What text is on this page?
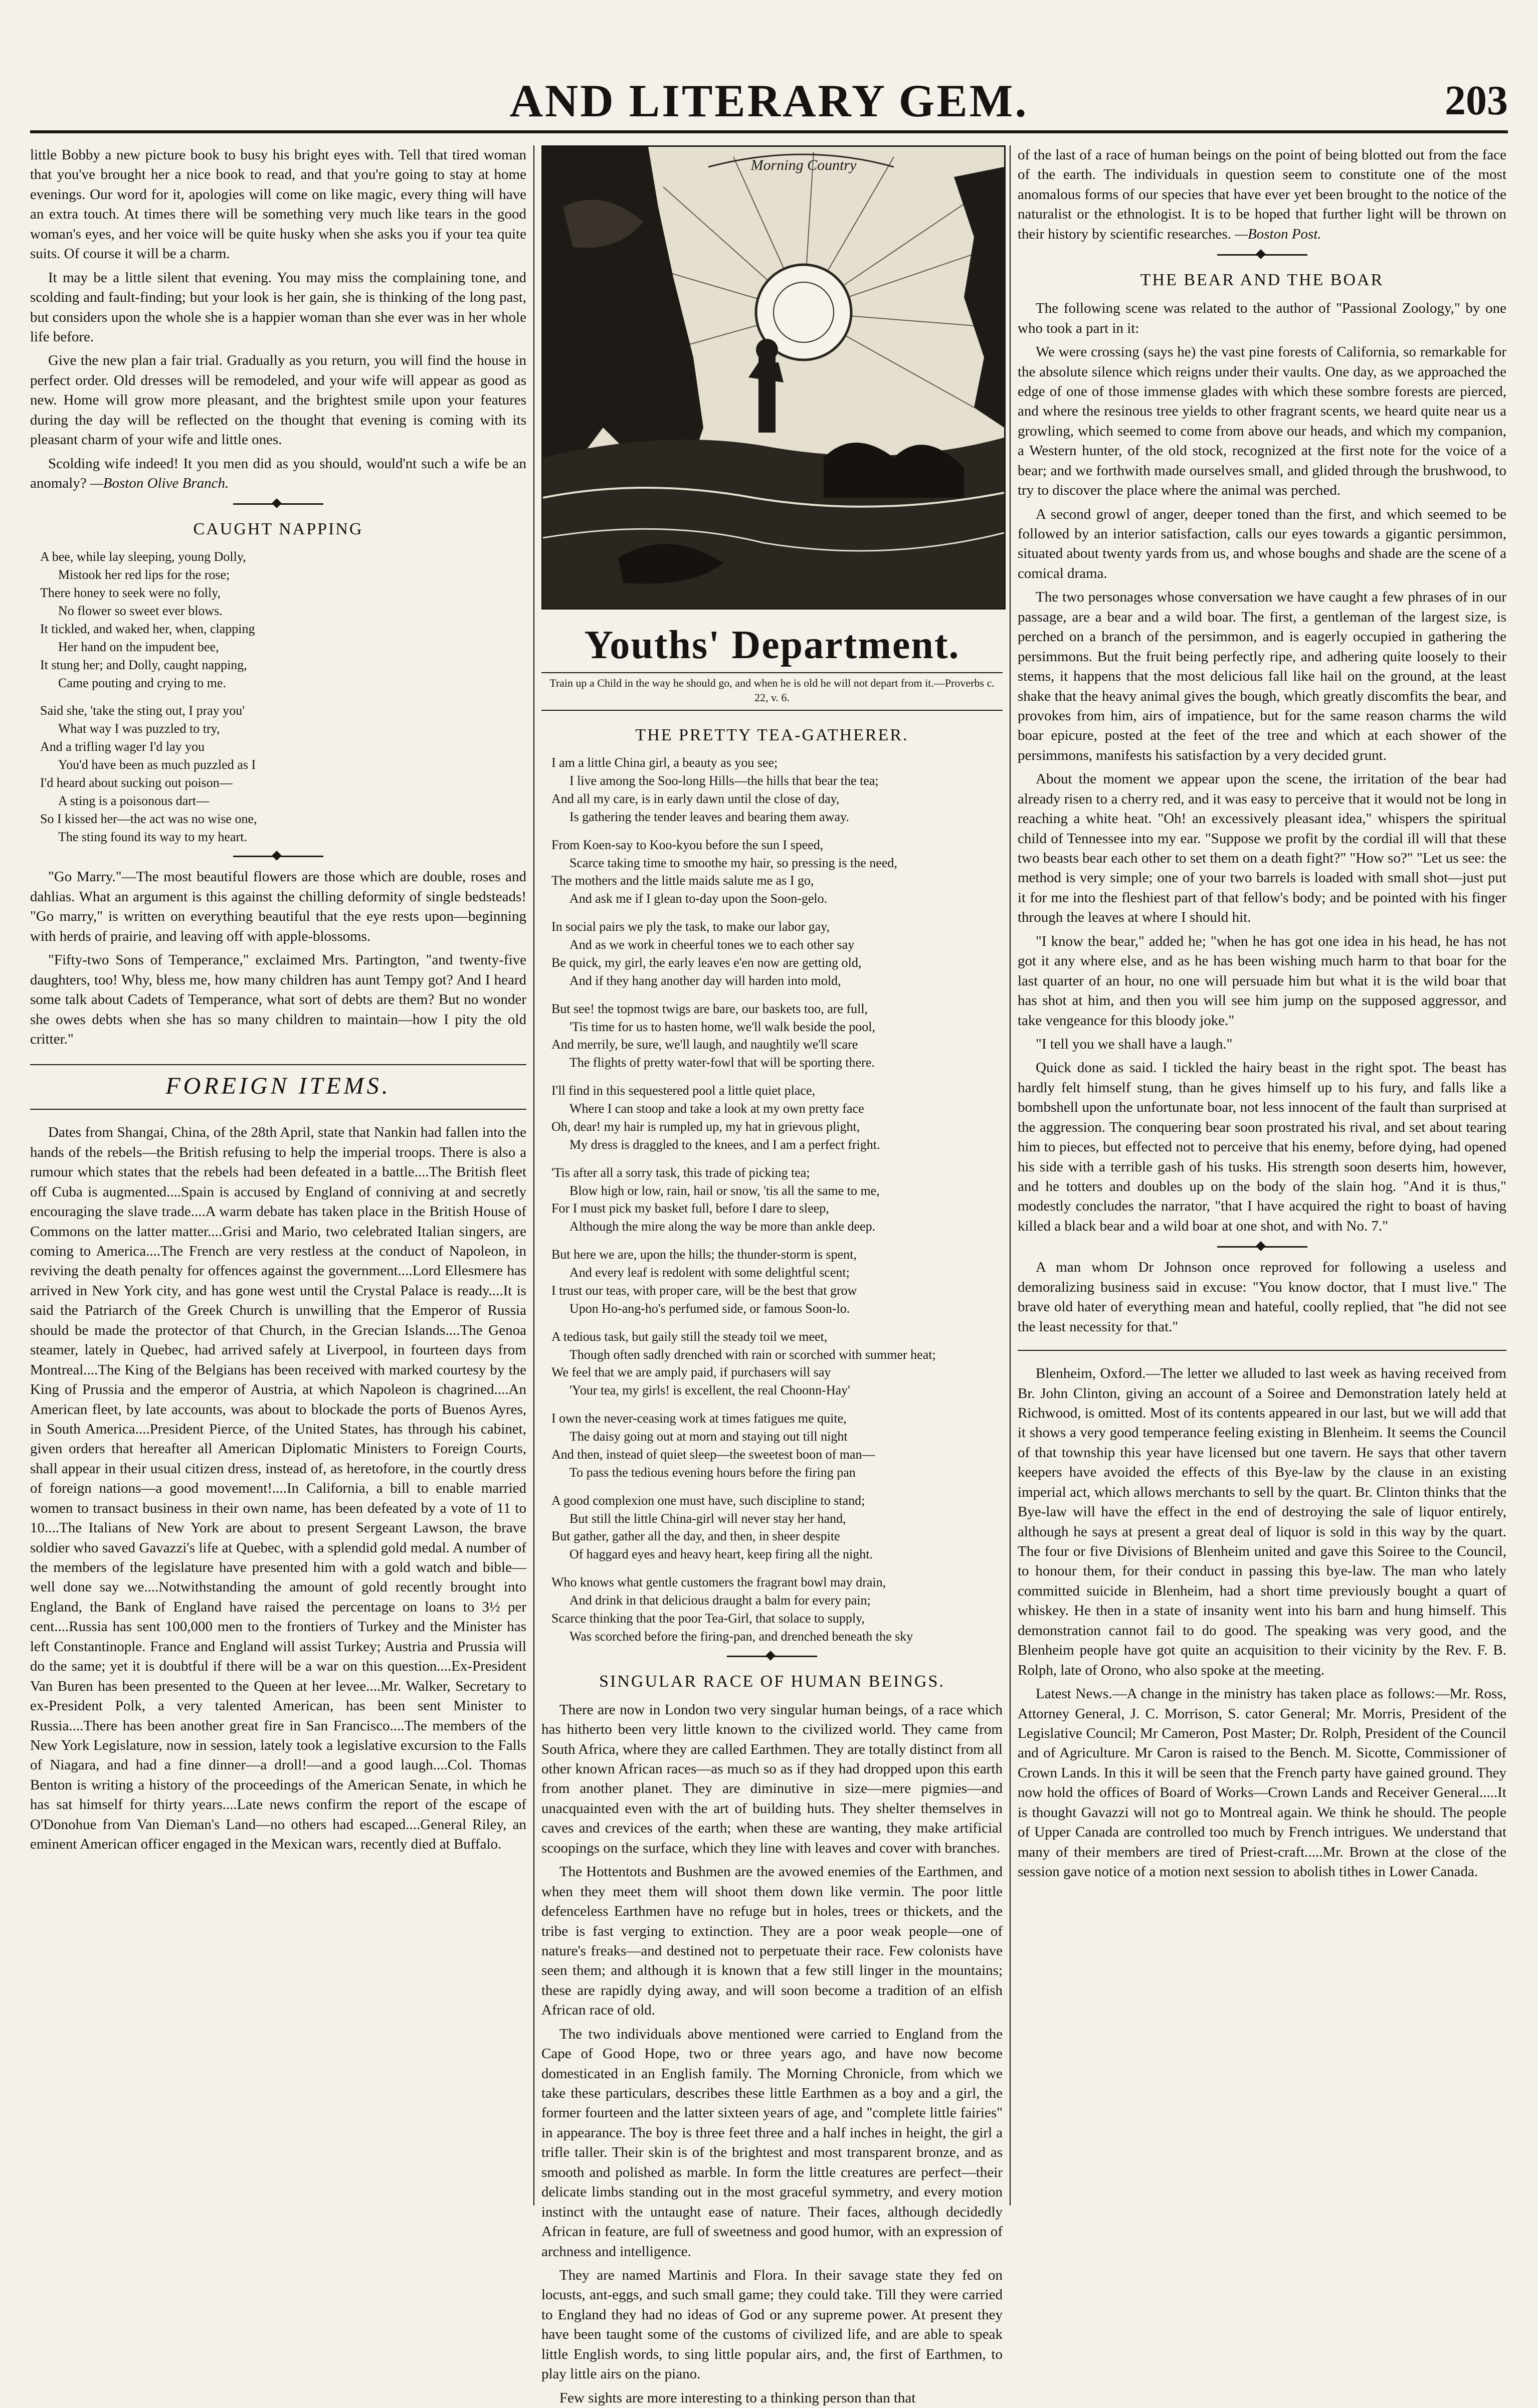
AND LITERARY GEM.	203

little Bobby a new picture book to busy his bright eyes with. Tell that tired woman that you've brought her a nice book to read, and that you're going to stay at home evenings. Our word for it, apologies will come on like magic, every thing will have an extra touch. At times there will be something very much like tears in the good woman's eyes, and her voice will be quite husky when she asks you if your tea quite suits. Of course it will be a charm.

It may be a little silent that evening. You may miss the complaining tone, and scolding and fault-finding; but your look is her gain, she is thinking of the long past, but considers upon the whole she is a happier woman than she ever was in her whole life before.

Give the new plan a fair trial. Gradually as you return, you will find the house in perfect order. Old dresses will be remodeled, and your wife will appear as good as new. Home will grow more pleasant, and the brightest smile upon your features during the day will be reflected on the thought that evening is coming with its pleasant charm of your wife and little ones.

Scolding wife indeed! It you men did as you should, would'nt such a wife be an anomaly? —Boston Olive Branch.

CAUGHT NAPPING

A bee, while lay sleeping, young Dolly,
Mistook her red lips for the rose;
There honey to seek were no folly,
No flower so sweet ever blows.
It tickled, and waked her, when, clapping
Her hand on the impudent bee,
It stung her; and Dolly, caught napping,
Came pouting and crying to me.

Said she, 'take the sting out, I pray you'
What way I was puzzled to try,
And a trifling wager I'd lay you
You'd have been as much puzzled as I
I'd heard about sucking out poison—
A sting is a poisonous dart—
So I kissed her—the act was no wise one,
The sting found its way to my heart.

"Go Marry."—The most beautiful flowers are those which are double, roses and dahlias. What an argument is this against the chilling deformity of single bedsteads! "Go marry," is written on everything beautiful that the eye rests upon—beginning with herds of prairie, and leaving off with apple-blossoms.

"Fifty-two Sons of Temperance," exclaimed Mrs. Partington, "and twenty-five daughters, too! Why, bless me, how many children has aunt Tempy got? And I heard some talk about Cadets of Temperance, what sort of debts are them? But no wonder she owes debts when she has so many children to maintain—how I pity the old critter."

FOREIGN ITEMS.

Dates from Shangai, China, of the 28th April, state that Nankin had fallen into the hands of the rebels—the British refusing to help the imperial troops. There is also a rumour which states that the rebels had been defeated in a battle....The British fleet off Cuba is augmented....Spain is accused by England of conniving at and secretly encouraging the slave trade....A warm debate has taken place in the British House of Commons on the latter matter....Grisi and Mario, two celebrated Italian singers, are coming to America....The French are very restless at the conduct of Napoleon, in reviving the death penalty for offences against the government....Lord Ellesmere has arrived in New York city, and has gone west until the Crystal Palace is ready....It is said the Patriarch of the Greek Church is unwilling that the Emperor of Russia should be made the protector of that Church, in the Grecian Islands....The Genoa steamer, lately in Quebec, had arrived safely at Liverpool, in fourteen days from Montreal....The King of the Belgians has been received with marked courtesy by the King of Prussia and the emperor of Austria, at which Napoleon is chagrined....An American fleet, by late accounts, was about to blockade the ports of Buenos Ayres, in South America....President Pierce, of the United States, has through his cabinet, given orders that hereafter all American Diplomatic Ministers to Foreign Courts, shall appear in their usual citizen dress, instead of, as heretofore, in the courtly dress of foreign nations—a good movement!....In California, a bill to enable married women to transact business in their own name, has been defeated by a vote of 11 to 10....The Italians of New York are about to present Sergeant Lawson, the brave soldier who saved Gavazzi's life at Quebec, with a splendid gold medal. A number of the members of the legislature have presented him with a gold watch and bible—well done say we....Notwithstanding the amount of gold recently brought into England, the Bank of England have raised the percentage on loans to 3½ per cent....Russia has sent 100,000 men to the frontiers of Turkey and the Minister has left Constantinople. France and England will assist Turkey; Austria and Prussia will do the same; yet it is doubtful if there will be a war on this question....Ex-President Van Buren has been presented to the Queen at her levee....Mr. Walker, Secretary to ex-President Polk, a very talented American, has been sent Minister to Russia....There has been another great fire in San Francisco....The members of the New York Legislature, now in session, lately took a legislative excursion to the Falls of Niagara, and had a fine dinner—a droll!—and a good laugh....Col. Thomas Benton is writing a history of the proceedings of the American Senate, in which he has sat himself for thirty years....Late news confirm the report of the escape of O'Donohue from Van Dieman's Land—no others had escaped....General Riley, an eminent American officer engaged in the Mexican wars, recently died at Buffalo.

Morning Country
Youths' Department.

Train up a Child in the way he should go, and when he is old he will not depart from it.—Proverbs c. 22, v. 6.

THE PRETTY TEA-GATHERER.

I am a little China girl, a beauty as you see;
I live among the Soo-long Hills—the hills that bear the tea;
And all my care, is in early dawn until the close of day,
Is gathering the tender leaves and bearing them away.

From Koen-say to Koo-kyou before the sun I speed,
Scarce taking time to smoothe my hair, so pressing is the need,
The mothers and the little maids salute me as I go,
And ask me if I glean to-day upon the Soon-gelo.

In social pairs we ply the task, to make our labor gay,
And as we work in cheerful tones we to each other say
Be quick, my girl, the early leaves e'en now are getting old,
And if they hang another day will harden into mold,

But see! the topmost twigs are bare, our baskets too, are full,
'Tis time for us to hasten home, we'll walk beside the pool,
And merrily, be sure, we'll laugh, and naughtily we'll scare
The flights of pretty water-fowl that will be sporting there.

I'll find in this sequestered pool a little quiet place,
Where I can stoop and take a look at my own pretty face
Oh, dear! my hair is rumpled up, my hat in grievous plight,
My dress is draggled to the knees, and I am a perfect fright.

'Tis after all a sorry task, this trade of picking tea;
Blow high or low, rain, hail or snow, 'tis all the same to me,
For I must pick my basket full, before I dare to sleep,
Although the mire along the way be more than ankle deep.

But here we are, upon the hills; the thunder-storm is spent,
And every leaf is redolent with some delightful scent;
I trust our teas, with proper care, will be the best that grow
Upon Ho-ang-ho's perfumed side, or famous Soon-lo.

A tedious task, but gaily still the steady toil we meet,
Though often sadly drenched with rain or scorched with summer heat;
We feel that we are amply paid, if purchasers will say
'Your tea, my girls! is excellent, the real Choonn-Hay'

I own the never-ceasing work at times fatigues me quite,
The daisy going out at morn and staying out till night
And then, instead of quiet sleep—the sweetest boon of man—
To pass the tedious evening hours before the firing pan

A good complexion one must have, such discipline to stand;
But still the little China-girl will never stay her hand,
But gather, gather all the day, and then, in sheer despite
Of haggard eyes and heavy heart, keep firing all the night.

Who knows what gentle customers the fragrant bowl may drain,
And drink in that delicious draught a balm for every pain;
Scarce thinking that the poor Tea-Girl, that solace to supply,
Was scorched before the firing-pan, and drenched beneath the sky

SINGULAR RACE OF HUMAN BEINGS.

There are now in London two very singular human beings, of a race which has hitherto been very little known to the civilized world. They came from South Africa, where they are called Earthmen. They are totally distinct from all other known African races—as much so as if they had dropped upon this earth from another planet. They are diminutive in size—mere pigmies—and unacquainted even with the art of building huts. They shelter themselves in caves and crevices of the earth; when these are wanting, they make artificial scoopings on the surface, which they line with leaves and cover with branches.

The Hottentots and Bushmen are the avowed enemies of the Earthmen, and when they meet them will shoot them down like vermin. The poor little defenceless Earthmen have no refuge but in holes, trees or thickets, and the tribe is fast verging to extinction. They are a poor weak people—one of nature's freaks—and destined not to perpetuate their race. Few colonists have seen them; and although it is known that a few still linger in the mountains; these are rapidly dying away, and will soon become a tradition of an elfish African race of old.

The two individuals above mentioned were carried to England from the Cape of Good Hope, two or three years ago, and have now become domesticated in an English family. The Morning Chronicle, from which we take these particulars, describes these little Earthmen as a boy and a girl, the former fourteen and the latter sixteen years of age, and "complete little fairies" in appearance. The boy is three feet three and a half inches in height, the girl a trifle taller. Their skin is of the brightest and most transparent bronze, and as smooth and polished as marble. In form the little creatures are perfect—their delicate limbs standing out in the most graceful symmetry, and every motion instinct with the untaught ease of nature. Their faces, although decidedly African in feature, are full of sweetness and good humor, with an expression of archness and intelligence.

They are named Martinis and Flora. In their savage state they fed on locusts, ant-eggs, and such small game; they could take. Till they were carried to England they had no ideas of God or any supreme power. At present they have been taught some of the customs of civilized life, and are able to speak little English words, to sing little popular airs, and, the first of Earthmen, to play little airs on the piano.

Few sights are more interesting to a thinking person than that

of the last of a race of human beings on the point of being blotted out from the face of the earth. The individuals in question seem to constitute one of the most anomalous forms of our species that have ever yet been brought to the notice of the naturalist or the ethnologist. It is to be hoped that further light will be thrown on their history by scientific researches. —Boston Post.

THE BEAR AND THE BOAR

The following scene was related to the author of "Passional Zoology," by one who took a part in it:

We were crossing (says he) the vast pine forests of California, so remarkable for the absolute silence which reigns under their vaults. One day, as we approached the edge of one of those immense glades with which these sombre forests are pierced, and where the resinous tree yields to other fragrant scents, we heard quite near us a growling, which seemed to come from above our heads, and which my companion, a Western hunter, of the old stock, recognized at the first note for the voice of a bear; and we forthwith made ourselves small, and glided through the brushwood, to try to discover the place where the animal was perched.

A second growl of anger, deeper toned than the first, and which seemed to be followed by an interior satisfaction, calls our eyes towards a gigantic persimmon, situated about twenty yards from us, and whose boughs and shade are the scene of a comical drama.

The two personages whose conversation we have caught a few phrases of in our passage, are a bear and a wild boar. The first, a gentleman of the largest size, is perched on a branch of the persimmon, and is eagerly occupied in gathering the persimmons. But the fruit being perfectly ripe, and adhering quite loosely to their stems, it happens that the most delicious fall like hail on the ground, at the least shake that the heavy animal gives the bough, which greatly discomfits the bear, and provokes from him, airs of impatience, but for the same reason charms the wild boar epicure, posted at the feet of the tree and which at each shower of the persimmons, manifests his satisfaction by a very decided grunt.

About the moment we appear upon the scene, the irritation of the bear had already risen to a cherry red, and it was easy to perceive that it would not be long in reaching a white heat. "Oh! an excessively pleasant idea," whispers the spiritual child of Tennessee into my ear. "Suppose we profit by the cordial ill will that these two beasts bear each other to set them on a death fight?" "How so?" "Let us see: the method is very simple; one of your two barrels is loaded with small shot—just put it for me into the fleshiest part of that fellow's body; and be pointed with his finger through the leaves at where I should hit.

"I know the bear," added he; "when he has got one idea in his head, he has not got it any where else, and as he has been wishing much harm to that boar for the last quarter of an hour, no one will persuade him but what it is the wild boar that has shot at him, and then you will see him jump on the supposed aggressor, and take vengeance for this bloody joke."

"I tell you we shall have a laugh."

Quick done as said. I tickled the hairy beast in the right spot. The beast has hardly felt himself stung, than he gives himself up to his fury, and falls like a bombshell upon the unfortunate boar, not less innocent of the fault than surprised at the aggression. The conquering bear soon prostrated his rival, and set about tearing him to pieces, but effected not to perceive that his enemy, before dying, had opened his side with a terrible gash of his tusks. His strength soon deserts him, however, and he totters and doubles up on the body of the slain hog. "And it is thus," modestly concludes the narrator, "that I have acquired the right to boast of having killed a black bear and a wild boar at one shot, and with No. 7."

A man whom Dr Johnson once reproved for following a useless and demoralizing business said in excuse: "You know doctor, that I must live." The brave old hater of everything mean and hateful, coolly replied, that "he did not see the least necessity for that."

Blenheim, Oxford.—The letter we alluded to last week as having received from Br. John Clinton, giving an account of a Soiree and Demonstration lately held at Richwood, is omitted. Most of its contents appeared in our last, but we will add that it shows a very good temperance feeling existing in Blenheim. It seems the Council of that township this year have licensed but one tavern. He says that other tavern keepers have avoided the effects of this Bye-law by the clause in an existing imperial act, which allows merchants to sell by the quart. Br. Clinton thinks that the Bye-law will have the effect in the end of destroying the sale of liquor entirely, although he says at present a great deal of liquor is sold in this way by the quart. The four or five Divisions of Blenheim united and gave this Soiree to the Council, to honour them, for their conduct in passing this bye-law. The man who lately committed suicide in Blenheim, had a short time previously bought a quart of whiskey. He then in a state of insanity went into his barn and hung himself. This demonstration cannot fail to do good. The speaking was very good, and the Blenheim people have got quite an acquisition to their vicinity by the Rev. F. B. Rolph, late of Orono, who also spoke at the meeting.

Latest News.—A change in the ministry has taken place as follows:—Mr. Ross, Attorney General, J. C. Morrison, S. cator General; Mr. Morris, President of the Legislative Council; Mr Cameron, Post Master; Dr. Rolph, President of the Council and of Agriculture. Mr Caron is raised to the Bench. M. Sicotte, Commissioner of Crown Lands. In this it will be seen that the French party have gained ground. They now hold the offices of Board of Works—Crown Lands and Receiver General.....It is thought Gavazzi will not go to Montreal again. We think he should. The people of Upper Canada are controlled too much by French intrigues. We understand that many of their members are tired of Priest-craft.....Mr. Brown at the close of the session gave notice of a motion next session to abolish tithes in Lower Canada.
